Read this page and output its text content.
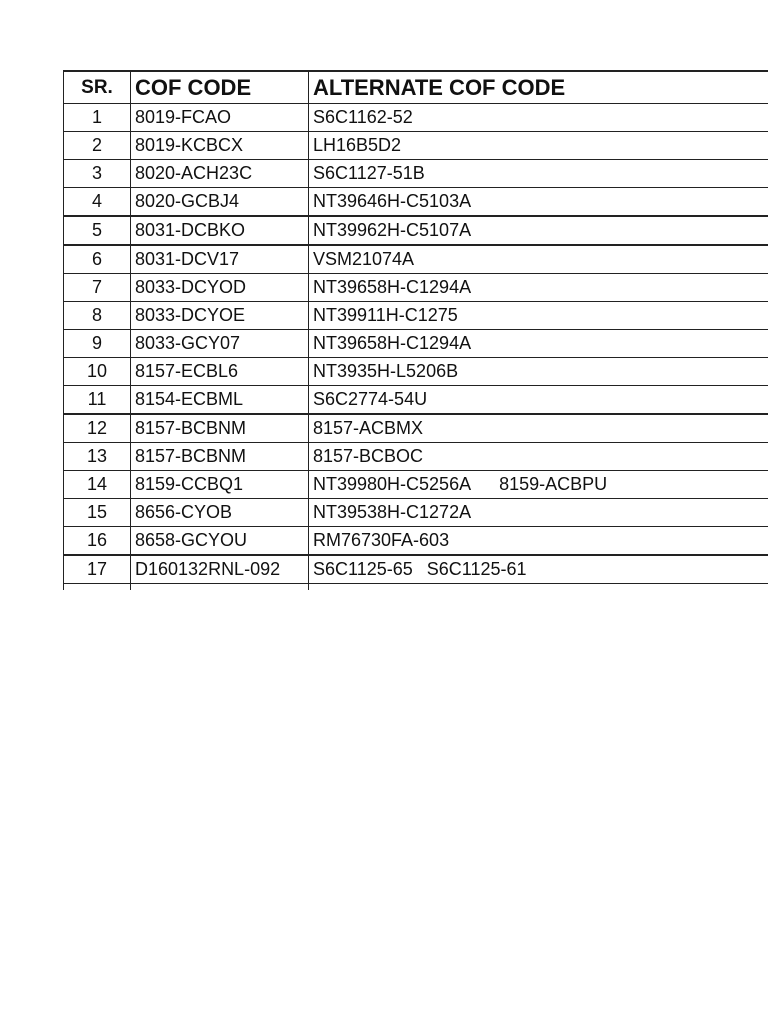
SR.	COF CODE	ALTERNATE COF CODE
1	8019-FCAO	S6C1162-52
2	8019-KCBCX	LH16B5D2
3	8020-ACH23C	S6C1127-51B
4	8020-GCBJ4	NT39646H-C5103A
5	8031-DCBKO	NT39962H-C5107A
6	8031-DCV17	VSM21074A
7	8033-DCYOD	NT39658H-C1294A
8	8033-DCYOE	NT39911H-C1275
9	8033-GCY07	NT39658H-C1294A
10	8157-ECBL6	NT3935H-L5206B
11	8154-ECBML	S6C2774-54U
12	8157-BCBNM	8157-ACBMX
13	8157-BCBNM	8157-BCBOC
14	8159-CCBQ1	NT39980H-C5256A 8159-ACBPU
15	8656-CYOB	NT39538H-C1272A
16	8658-GCYOU	RM76730FA-603
17	D160132RNL-092	S6C1125-65 S6C1125-61
